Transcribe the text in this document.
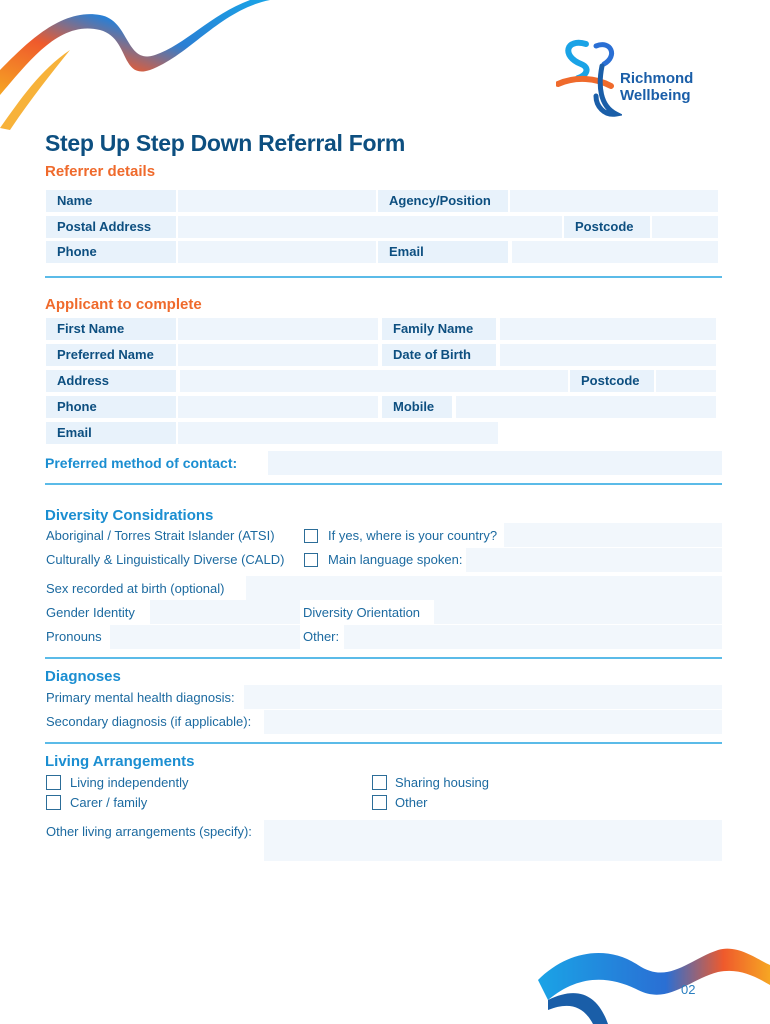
Richmond
Wellbeing
Step Up Step Down Referral Form
Referrer details
Name	Agency/Position
Postal Address	Postcode
Phone	Email
Applicant to complete
First Name	Family Name
Preferred Name	Date of Birth
Address	Postcode
Phone	Mobile
Email
Preferred method of contact:
Diversity Considrations
Aboriginal / Torres Strait Islander (ATSI)	If yes, where is your country?
Culturally & Linguistically Diverse (CALD)	Main language spoken:
Sex recorded at birth (optional)
Gender Identity	Diversity Orientation
Pronouns	Other:
Diagnoses
Primary mental health diagnosis:
Secondary diagnosis (if applicable):
Living Arrangements
Living independently	Sharing housing
Carer / family	Other
Other living arrangements (specify):
02
